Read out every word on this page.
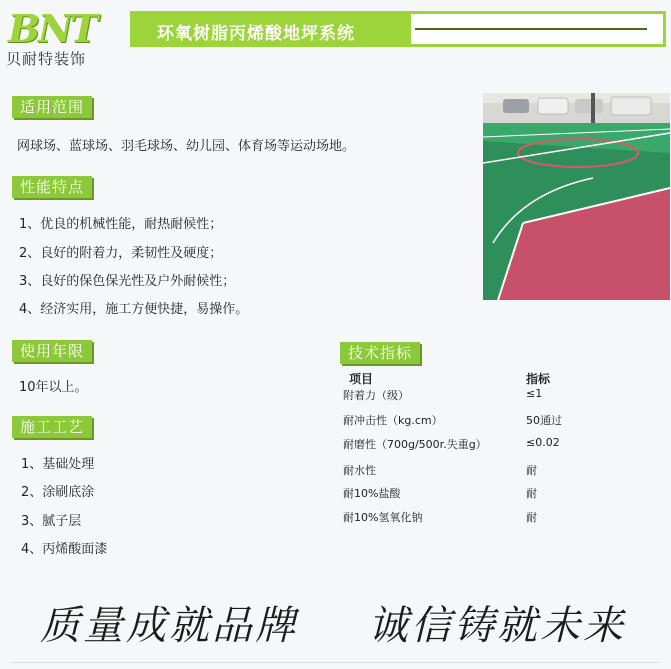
B
N
T
贝耐特装饰
环氧树脂丙烯酸地坪系统
适用范围
网球场、蓝球场、羽毛球场、幼儿园、体育场等运动场地。
性能特点
1、优良的机械性能，耐热耐候性；
2、良好的附着力，柔韧性及硬度；
3、良好的保色保光性及户外耐候性；
4、经济实用，施工方便快捷，易操作。
使用年限
10年以上。
施工工艺
1、基础处理
2、涂刷底涂
3、腻子层
4、丙烯酸面漆
技术指标
项目	指标
附着力（级）	≤1
耐冲击性（kg.cm）	50通过
耐磨性（700g/500r.失重g）	≤0.02
耐水性	耐
耐10%盐酸	耐
耐10%氢氧化钠	耐
质量成就品牌 诚信铸就未来
